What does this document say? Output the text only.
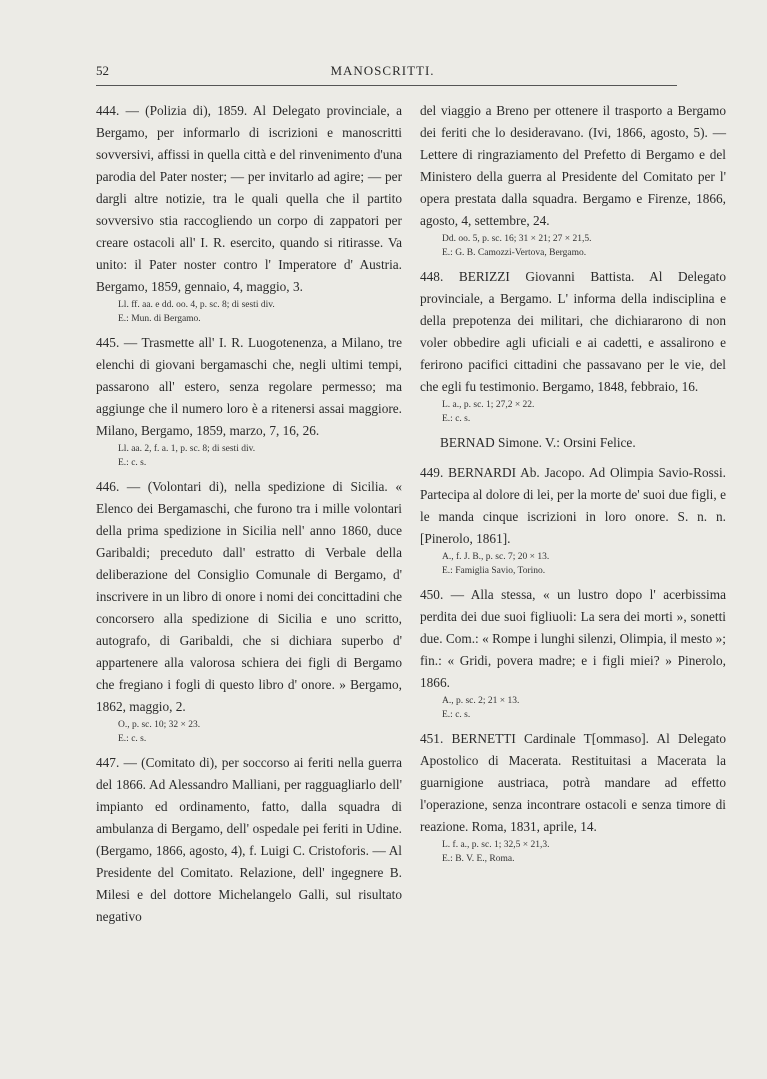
52	MANOSCRITTI.
444. — (Polizia di), 1859. Al Delegato provinciale, a Bergamo, per informarlo di iscrizioni e manoscritti sovversivi, affissi in quella città e del rinvenimento d'una parodia del Pater noster; — per invitarlo ad agire; — per dargli altre notizie, tra le quali quella che il partito sovversivo stia raccogliendo un corpo di zappatori per creare ostacoli all' I. R. esercito, quando si ritirasse. Va unito: il Pater noster contro l' Imperatore d' Austria. Bergamo, 1859, gennaio, 4, maggio, 3.
Ll. ff. aa. e dd. oo. 4, p. sc. 8; di sesti div.
E.: Mun. di Bergamo.
445. — Trasmette all' I. R. Luogotenenza, a Milano, tre elenchi di giovani bergamaschi che, negli ultimi tempi, passarono all' estero, senza regolare permesso; ma aggiunge che il numero loro è a ritenersi assai maggiore. Milano, Bergamo, 1859, marzo, 7, 16, 26.
Ll. aa. 2, f. a. 1, p. sc. 8; di sesti div.
E.: c. s.
446. — (Volontari di), nella spedizione di Sicilia. « Elenco dei Bergamaschi, che furono tra i mille volontari della prima spedizione in Sicilia nell' anno 1860, duce Garibaldi; preceduto dall' estratto di Verbale della deliberazione del Consiglio Comunale di Bergamo, d' inscrivere in un libro di onore i nomi dei concittadini che concorsero alla spedizione di Sicilia e uno scritto, autografo, di Garibaldi, che si dichiara superbo d' appartenere alla valorosa schiera dei figli di Bergamo che fregiano i fogli di questo libro d' onore. » Bergamo, 1862, maggio, 2.
O., p. sc. 10; 32 × 23.
E.: c. s.
447. — (Comitato di), per soccorso ai feriti nella guerra del 1866. Ad Alessandro Malliani, per ragguagliarlo dell' impianto ed ordinamento, fatto, dalla squadra di ambulanza di Bergamo, dell' ospedale pei feriti in Udine. (Bergamo, 1866, agosto, 4), f. Luigi C. Cristoforis. — Al Presidente del Comitato. Relazione, dell' ingegnere B. Milesi e del dottore Michelangelo Galli, sul risultato negativo
del viaggio a Breno per ottenere il trasporto a Bergamo dei feriti che lo desideravano. (Ivi, 1866, agosto, 5). — Lettere di ringraziamento del Prefetto di Bergamo e del Ministero della guerra al Presidente del Comitato per l' opera prestata dalla squadra. Bergamo e Firenze, 1866, agosto, 4, settembre, 24.
Dd. oo. 5, p. sc. 16; 31 × 21; 27 × 21,5.
E.: G. B. Camozzi-Vertova, Bergamo.
448. BERIZZI Giovanni Battista. Al Delegato provinciale, a Bergamo. L' informa della indisciplina e della prepotenza dei militari, che dichiararono di non voler obbedire agli uficiali e ai cadetti, e assalirono e ferirono pacifici cittadini che passavano per le vie, del che egli fu testimonio. Bergamo, 1848, febbraio, 16.
L. a., p. sc. 1; 27,2 × 22.
E.: c. s.
BERNAD Simone. V.: Orsini Felice.
449. BERNARDI Ab. Jacopo. Ad Olimpia Savio-Rossi. Partecipa al dolore di lei, per la morte de' suoi due figli, e le manda cinque iscrizioni in loro onore. S. n. n. [Pinerolo, 1861].
A., f. J. B., p. sc. 7; 20 × 13.
E.: Famiglia Savio, Torino.
450. — Alla stessa, « un lustro dopo l' acerbissima perdita dei due suoi figliuoli: La sera dei morti », sonetti due. Com.: « Rompe i lunghi silenzi, Olimpia, il mesto »; fin.: « Gridi, povera madre; e i figli miei? » Pinerolo, 1866.
A., p. sc. 2; 21 × 13.
E.: c. s.
451. BERNETTI Cardinale T[ommaso]. Al Delegato Apostolico di Macerata. Restituitasi a Macerata la guarnigione austriaca, potrà mandare ad effetto l'operazione, senza incontrare ostacoli e senza timore di reazione. Roma, 1831, aprile, 14.
L. f. a., p. sc. 1; 32,5 × 21,3.
E.: B. V. E., Roma.
